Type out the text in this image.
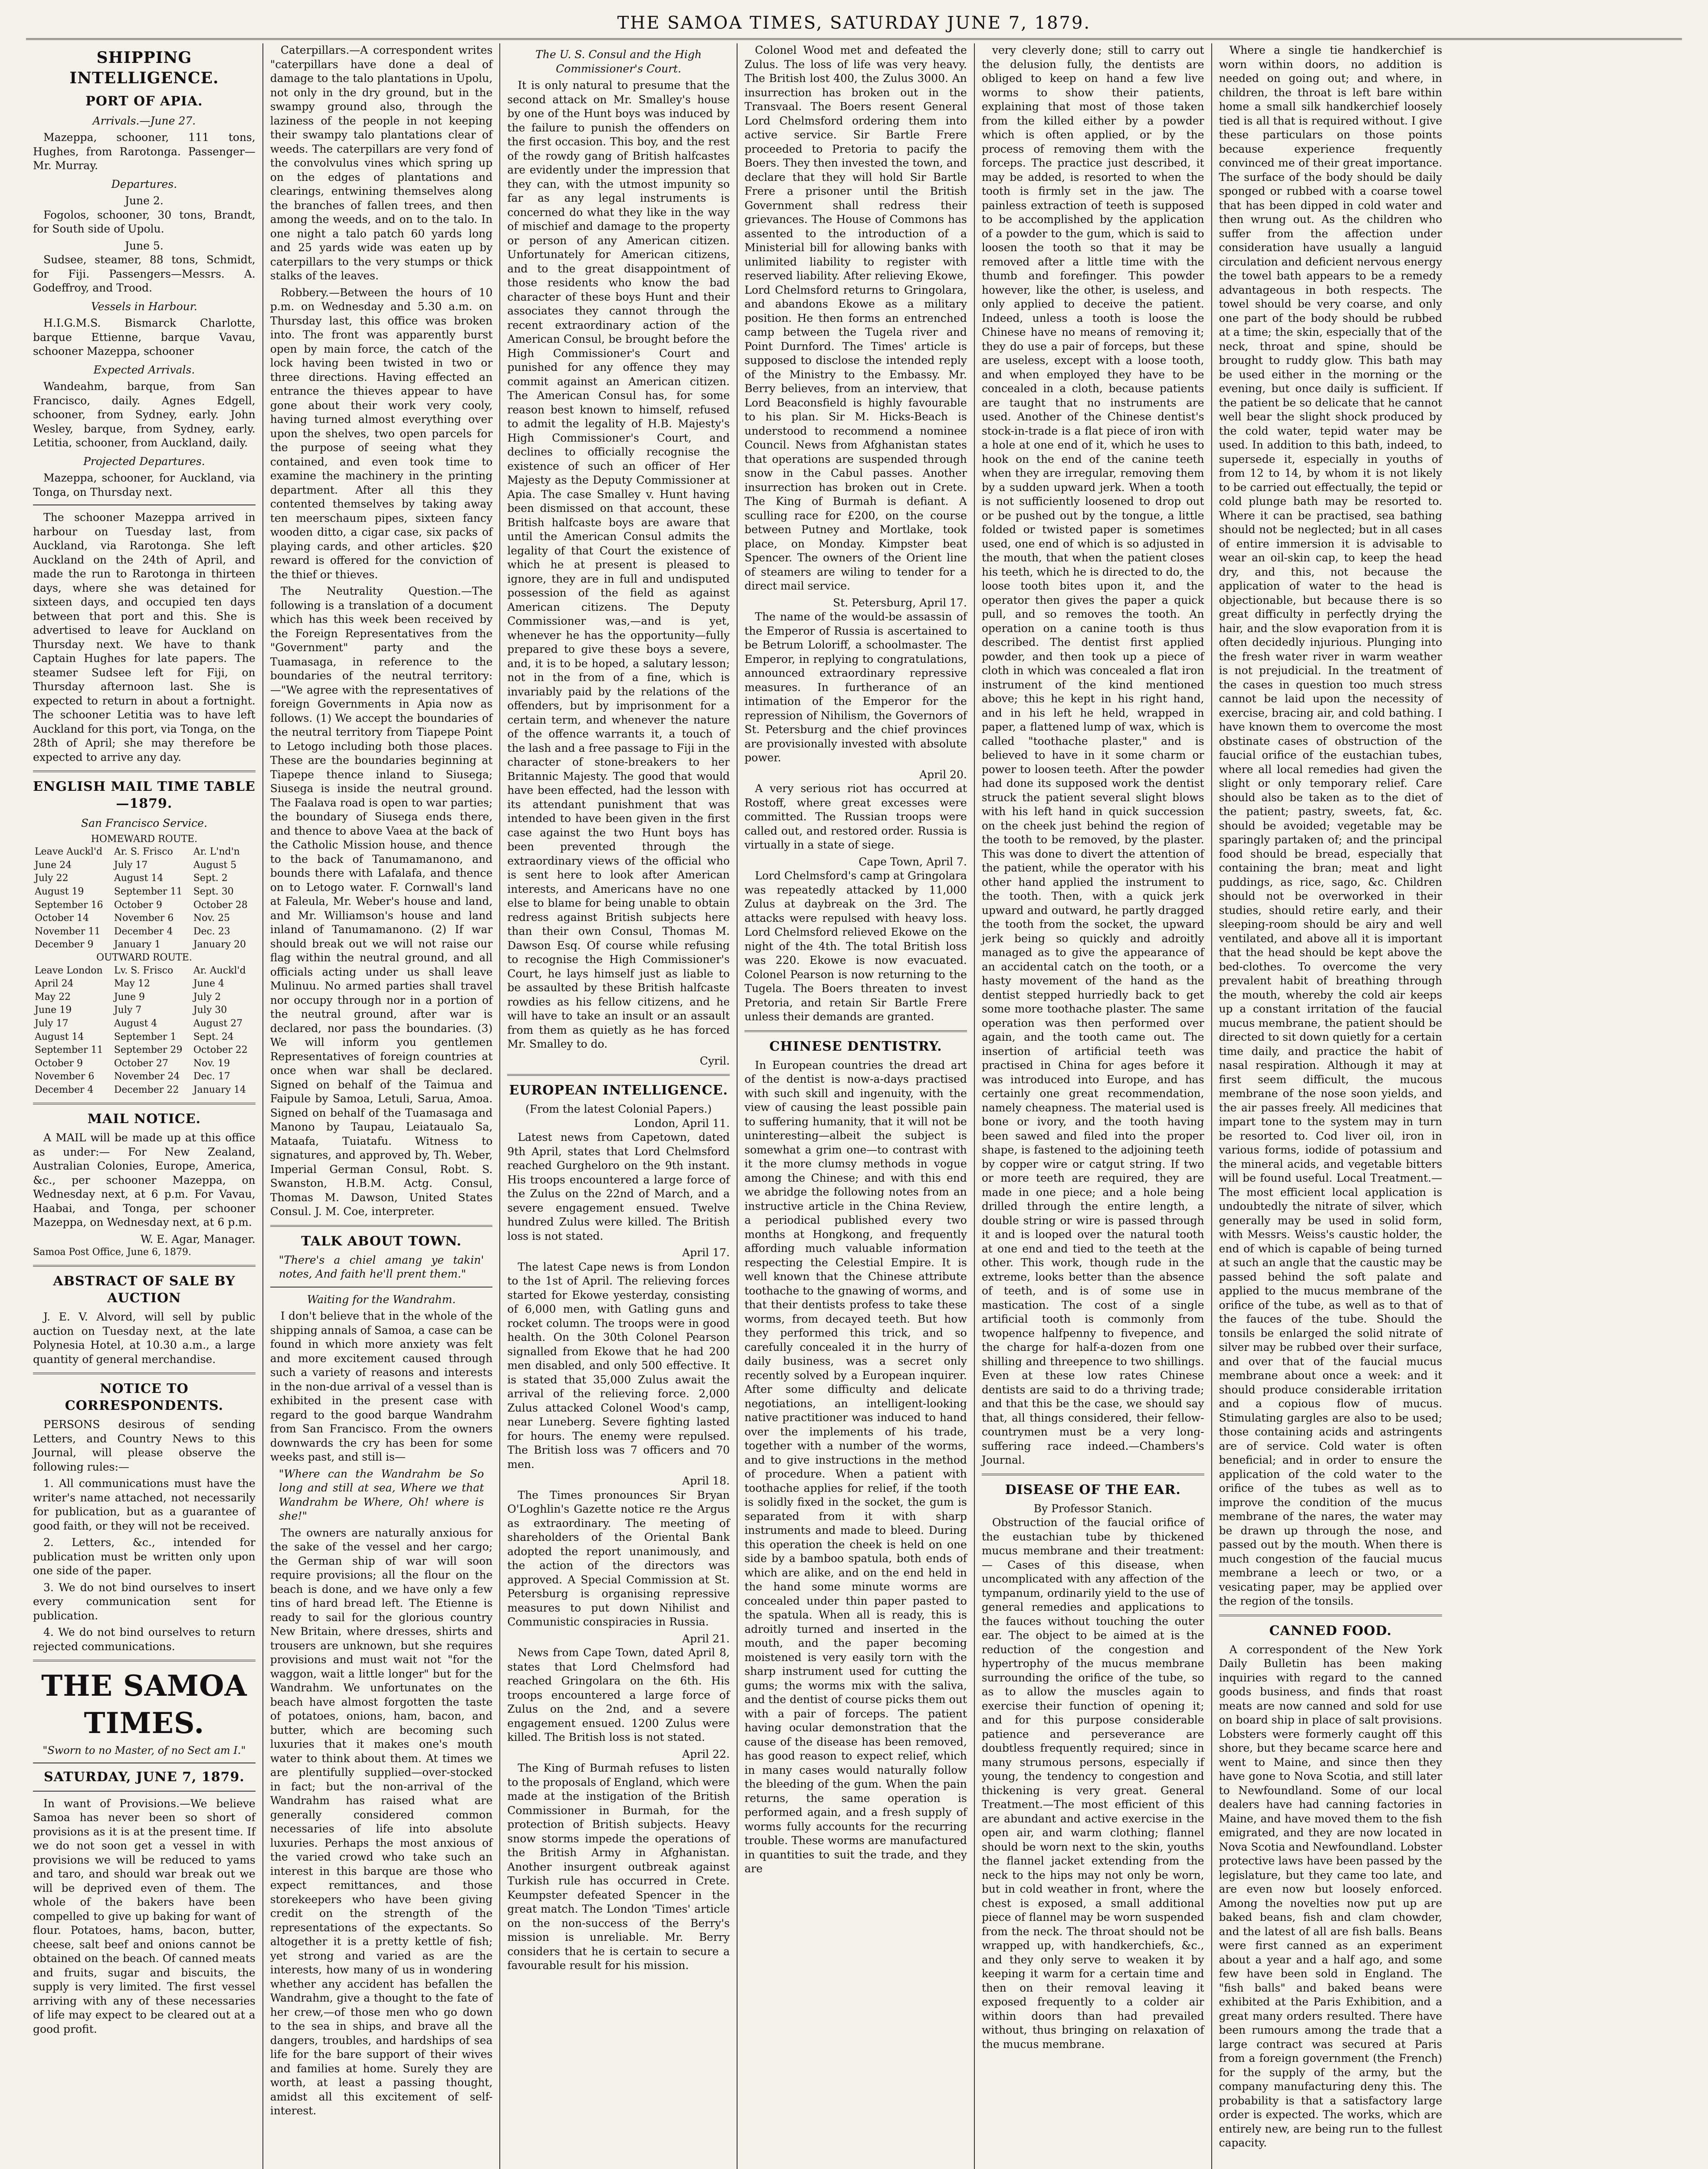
THE SAMOA TIMES, SATURDAY JUNE 7, 1879.
SHIPPING INTELLIGENCE.
PORT OF APIA.
Arrivals.—June 27.

Mazeppa, schooner, 111 tons, Hughes, from Rarotonga. Passenger—Mr. Murray.

Departures.
June 2.

Fogolos, schooner, 30 tons, Brandt, for South side of Upolu.

June 5.

Sudsee, steamer, 88 tons, Schmidt, for Fiji. Passengers—Messrs. A. Godeffroy, and Trood.

Vessels in Harbour.

H.I.G.M.S. Bismarck Charlotte, barque Ettienne, barque Vavau, schooner Mazeppa, schooner

Expected Arrivals.

Wandeahm, barque, from San Francisco, daily. Agnes Edgell, schooner, from Sydney, early. John Wesley, barque, from Sydney, early. Letitia, schooner, from Auckland, daily.

Projected Departures.

Mazeppa, schooner, for Auckland, via Tonga, on Thursday next.

The schooner Mazeppa arrived in harbour on Tuesday last, from Auckland, via Rarotonga. She left Auckland on the 24th of April, and made the run to Rarotonga in thirteen days, where she was detained for sixteen days, and occupied ten days between that port and this. She is advertised to leave for Auckland on Thursday next. We have to thank Captain Hughes for late papers. The steamer Sudsee left for Fiji, on Thursday afternoon last. She is expected to return in about a fortnight. The schooner Letitia was to have left Auckland for this port, via Tonga, on the 28th of April; she may therefore be expected to arrive any day.

ENGLISH MAIL TIME TABLE—1879.
San Francisco Service.
HOMEWARD ROUTE.
Leave Auckl'd	Ar. S. Frisco	Ar. L'nd'n
June 24	July 17	August 5
July 22	August 14	Sept. 2
August 19	September 11	Sept. 30
September 16	October 9	October 28
October 14	November 6	Nov. 25
November 11	December 4	Dec. 23
December 9	January 1	January 20
OUTWARD ROUTE.
Leave London	Lv. S. Frisco	Ar. Auckl'd
April 24	May 12	June 4
May 22	June 9	July 2
June 19	July 7	July 30
July 17	August 4	August 27
August 14	September 1	Sept. 24
September 11	September 29	October 22
October 9	October 27	Nov. 19
November 6	November 24	Dec. 17
December 4	December 22	January 14
MAIL NOTICE.

A MAIL will be made up at this office as under:— For New Zealand, Australian Colonies, Europe, America, &c., per schooner Mazeppa, on Wednesday next, at 6 p.m. For Vavau, Haabai, and Tonga, per schooner Mazeppa, on Wednesday next, at 6 p.m.

W. E. Agar, Manager.
Samoa Post Office, June 6, 1879.
ABSTRACT OF SALE BY AUCTION

J. E. V. Alvord, will sell by public auction on Tuesday next, at the late Polynesia Hotel, at 10.30 a.m., a large quantity of general merchandise.

NOTICE TO CORRESPONDENTS.

PERSONS desirous of sending Letters, and Country News to this Journal, will please observe the following rules:—

1. All communications must have the writer's name attached, not necessarily for publication, but as a guarantee of good faith, or they will not be received.

2. Letters, &c., intended for publication must be written only upon one side of the paper.

3. We do not bind ourselves to insert every communication sent for publication.

4. We do not bind ourselves to return rejected communications.

THE SAMOA TIMES.
"Sworn to no Master, of no Sect am I."
SATURDAY, JUNE 7, 1879.

In want of Provisions.—We believe Samoa has never been so short of provisions as it is at the present time. If we do not soon get a vessel in with provisions we will be reduced to yams and taro, and should war break out we will be deprived even of them. The whole of the bakers have been compelled to give up baking for want of flour. Potatoes, hams, bacon, butter, cheese, salt beef and onions cannot be obtained on the beach. Of canned meats and fruits, sugar and biscuits, the supply is very limited. The first vessel arriving with any of these necessaries of life may expect to be cleared out at a good profit.

Caterpillars.—A correspondent writes "caterpillars have done a deal of damage to the talo plantations in Upolu, not only in the dry ground, but in the swampy ground also, through the laziness of the people in not keeping their swampy talo plantations clear of weeds. The caterpillars are very fond of the convolvulus vines which spring up on the edges of plantations and clearings, entwining themselves along the branches of fallen trees, and then among the weeds, and on to the talo. In one night a talo patch 60 yards long and 25 yards wide was eaten up by caterpillars to the very stumps or thick stalks of the leaves.

Robbery.—Between the hours of 10 p.m. on Wednesday and 5.30 a.m. on Thursday last, this office was broken into. The front was apparently burst open by main force, the catch of the lock having been twisted in two or three directions. Having effected an entrance the thieves appear to have gone about their work very cooly, having turned almost everything over upon the shelves, two open parcels for the purpose of seeing what they contained, and even took time to examine the machinery in the printing department. After all this they contented themselves by taking away ten meerschaum pipes, sixteen fancy wooden ditto, a cigar case, six packs of playing cards, and other articles. $20 reward is offered for the conviction of the thief or thieves.

The Neutrality Question.—The following is a translation of a document which has this week been received by the Foreign Representatives from the "Government" party and the Tuamasaga, in reference to the boundaries of the neutral territory:—"We agree with the representatives of foreign Governments in Apia now as follows. (1) We accept the boundaries of the neutral territory from Tiapepe Point to Letogo including both those places. These are the boundaries beginning at Tiapepe thence inland to Siusega; Siusega is inside the neutral ground. The Faalava road is open to war parties; the boundary of Siusega ends there, and thence to above Vaea at the back of the Catholic Mission house, and thence to the back of Tanumamanono, and bounds there with Lafalafa, and thence on to Letogo water. F. Cornwall's land at Faleula, Mr. Weber's house and land, and Mr. Williamson's house and land inland of Tanumamanono. (2) If war should break out we will not raise our flag within the neutral ground, and all officials acting under us shall leave Mulinuu. No armed parties shall travel nor occupy through nor in a portion of the neutral ground, after war is declared, nor pass the boundaries. (3) We will inform you gentlemen Representatives of foreign countries at once when war shall be declared. Signed on behalf of the Taimua and Faipule by Samoa, Letuli, Sarua, Amoa. Signed on behalf of the Tuamasaga and Manono by Taupau, Leiataualo Sa, Mataafa, Tuiatafu. Witness to signatures, and approved by, Th. Weber, Imperial German Consul, Robt. S. Swanston, H.B.M. Actg. Consul, Thomas M. Dawson, United States Consul. J. M. Coe, interpreter.

TALK ABOUT TOWN.
"There's a chiel amang ye takin' notes, And faith he'll prent them."
Waiting for the Wandrahm.

I don't believe that in the whole of the shipping annals of Samoa, a case can be found in which more anxiety was felt and more excitement caused through such a variety of reasons and interests in the non-due arrival of a vessel than is exhibited in the present case with regard to the good barque Wandrahm from San Francisco. From the owners downwards the cry has been for some weeks past, and still is—

"Where can the Wandrahm be So long and still at sea, Where we that Wandrahm be Where, Oh! where is she!"

The owners are naturally anxious for the sake of the vessel and her cargo; the German ship of war will soon require provisions; all the flour on the beach is done, and we have only a few tins of hard bread left. The Etienne is ready to sail for the glorious country New Britain, where dresses, shirts and trousers are unknown, but she requires provisions and must wait not "for the waggon, wait a little longer" but for the Wandrahm. We unfortunates on the beach have almost forgotten the taste of potatoes, onions, ham, bacon, and butter, which are becoming such luxuries that it makes one's mouth water to think about them. At times we are plentifully supplied—over-stocked in fact; but the non-arrival of the Wandrahm has raised what are generally considered common necessaries of life into absolute luxuries. Perhaps the most anxious of the varied crowd who take such an interest in this barque are those who expect remittances, and those storekeepers who have been giving credit on the strength of the representations of the expectants. So altogether it is a pretty kettle of fish; yet strong and varied as are the interests, how many of us in wondering whether any accident has befallen the Wandrahm, give a thought to the fate of her crew,—of those men who go down to the sea in ships, and brave all the dangers, troubles, and hardships of sea life for the bare support of their wives and families at home. Surely they are worth, at least a passing thought, amidst all this excitement of self-interest.

The U. S. Consul and the High Commissioner's Court.

It is only natural to presume that the second attack on Mr. Smalley's house by one of the Hunt boys was induced by the failure to punish the offenders on the first occasion. This boy, and the rest of the rowdy gang of British halfcastes are evidently under the impression that they can, with the utmost impunity so far as any legal instruments is concerned do what they like in the way of mischief and damage to the property or person of any American citizen. Unfortunately for American citizens, and to the great disappointment of those residents who know the bad character of these boys Hunt and their associates they cannot through the recent extraordinary action of the American Consul, be brought before the High Commissioner's Court and punished for any offence they may commit against an American citizen. The American Consul has, for some reason best known to himself, refused to admit the legality of H.B. Majesty's High Commissioner's Court, and declines to officially recognise the existence of such an officer of Her Majesty as the Deputy Commissioner at Apia. The case Smalley v. Hunt having been dismissed on that account, these British halfcaste boys are aware that until the American Consul admits the legality of that Court the existence of which he at present is pleased to ignore, they are in full and undisputed possession of the field as against American citizens. The Deputy Commissioner was,—and is yet, whenever he has the opportunity—fully prepared to give these boys a severe, and, it is to be hoped, a salutary lesson; not in the from of a fine, which is invariably paid by the relations of the offenders, but by imprisonment for a certain term, and whenever the nature of the offence warrants it, a touch of the lash and a free passage to Fiji in the character of stone-breakers to her Britannic Majesty. The good that would have been effected, had the lesson with its attendant punishment that was intended to have been given in the first case against the two Hunt boys has been prevented through the extraordinary views of the official who is sent here to look after American interests, and Americans have no one else to blame for being unable to obtain redress against British subjects here than their own Consul, Thomas M. Dawson Esq. Of course while refusing to recognise the High Commissioner's Court, he lays himself just as liable to be assaulted by these British halfcaste rowdies as his fellow citizens, and he will have to take an insult or an assault from them as quietly as he has forced Mr. Smalley to do.

Cyril.
EUROPEAN INTELLIGENCE.
(From the latest Colonial Papers.)
London, April 11.

Latest news from Capetown, dated 9th April, states that Lord Chelmsford reached Gurgheloro on the 9th instant. His troops encountered a large force of the Zulus on the 22nd of March, and a severe engagement ensued. Twelve hundred Zulus were killed. The British loss is not stated.

April 17.

The latest Cape news is from London to the 1st of April. The relieving forces started for Ekowe yesterday, consisting of 6,000 men, with Gatling guns and rocket column. The troops were in good health. On the 30th Colonel Pearson signalled from Ekowe that he had 200 men disabled, and only 500 effective. It is stated that 35,000 Zulus await the arrival of the relieving force. 2,000 Zulus attacked Colonel Wood's camp, near Luneberg. Severe fighting lasted for hours. The enemy were repulsed. The British loss was 7 officers and 70 men.

April 18.

The Times pronounces Sir Bryan O'Loghlin's Gazette notice re the Argus as extraordinary. The meeting of shareholders of the Oriental Bank adopted the report unanimously, and the action of the directors was approved. A Special Commission at St. Petersburg is organising repressive measures to put down Nihilist and Communistic conspiracies in Russia.

April 21.

News from Cape Town, dated April 8, states that Lord Chelmsford had reached Gringolara on the 6th. His troops encountered a large force of Zulus on the 2nd, and a severe engagement ensued. 1200 Zulus were killed. The British loss is not stated.

April 22.

The King of Burmah refuses to listen to the proposals of England, which were made at the instigation of the British Commissioner in Burmah, for the protection of British subjects. Heavy snow storms impede the operations of the British Army in Afghanistan. Another insurgent outbreak against Turkish rule has occurred in Crete. Keumpster defeated Spencer in the great match. The London 'Times' article on the non-success of the Berry's mission is unreliable. Mr. Berry considers that he is certain to secure a favourable result for his mission.

Colonel Wood met and defeated the Zulus. The loss of life was very heavy. The British lost 400, the Zulus 3000. An insurrection has broken out in the Transvaal. The Boers resent General Lord Chelmsford ordering them into active service. Sir Bartle Frere proceeded to Pretoria to pacify the Boers. They then invested the town, and declare that they will hold Sir Bartle Frere a prisoner until the British Government shall redress their grievances. The House of Commons has assented to the introduction of a Ministerial bill for allowing banks with unlimited liability to register with reserved liability. After relieving Ekowe, Lord Chelmsford returns to Gringolara, and abandons Ekowe as a military position. He then forms an entrenched camp between the Tugela river and Point Durnford. The Times' article is supposed to disclose the intended reply of the Ministry to the Embassy. Mr. Berry believes, from an interview, that Lord Beaconsfield is highly favourable to his plan. Sir M. Hicks-Beach is understood to recommend a nominee Council. News from Afghanistan states that operations are suspended through snow in the Cabul passes. Another insurrection has broken out in Crete. The King of Burmah is defiant. A sculling race for £200, on the course between Putney and Mortlake, took place, on Monday. Kimpster beat Spencer. The owners of the Orient line of steamers are wiling to tender for a direct mail service.

St. Petersburg, April 17.

The name of the would-be assassin of the Emperor of Russia is ascertained to be Betrum Loloriff, a schoolmaster. The Emperor, in replying to congratulations, announced extraordinary repressive measures. In furtherance of an intimation of the Emperor for the repression of Nihilism, the Governors of St. Petersburg and the chief provinces are provisionally invested with absolute power.

April 20.

A very serious riot has occurred at Rostoff, where great excesses were committed. The Russian troops were called out, and restored order. Russia is virtually in a state of siege.

Cape Town, April 7.

Lord Chelmsford's camp at Gringolara was repeatedly attacked by 11,000 Zulus at daybreak on the 3rd. The attacks were repulsed with heavy loss. Lord Chelmsford relieved Ekowe on the night of the 4th. The total British loss was 220. Ekowe is now evacuated. Colonel Pearson is now returning to the Tugela. The Boers threaten to invest Pretoria, and retain Sir Bartle Frere unless their demands are granted.

CHINESE DENTISTRY.

In European countries the dread art of the dentist is now-a-days practised with such skill and ingenuity, with the view of causing the least possible pain to suffering humanity, that it will not be uninteresting—albeit the subject is somewhat a grim one—to contrast with it the more clumsy methods in vogue among the Chinese; and with this end we abridge the following notes from an instructive article in the China Review, a periodical published every two months at Hongkong, and frequently affording much valuable information respecting the Celestial Empire. It is well known that the Chinese attribute toothache to the gnawing of worms, and that their dentists profess to take these worms, from decayed teeth. But how they performed this trick, and so carefully concealed it in the hurry of daily business, was a secret only recently solved by a European inquirer. After some difficulty and delicate negotiations, an intelligent-looking native practitioner was induced to hand over the implements of his trade, together with a number of the worms, and to give instructions in the method of procedure. When a patient with toothache applies for relief, if the tooth is solidly fixed in the socket, the gum is separated from it with sharp instruments and made to bleed. During this operation the cheek is held on one side by a bamboo spatula, both ends of which are alike, and on the end held in the hand some minute worms are concealed under thin paper pasted to the spatula. When all is ready, this is adroitly turned and inserted in the mouth, and the paper becoming moistened is very easily torn with the sharp instrument used for cutting the gums; the worms mix with the saliva, and the dentist of course picks them out with a pair of forceps. The patient having ocular demonstration that the cause of the disease has been removed, has good reason to expect relief, which in many cases would naturally follow the bleeding of the gum. When the pain returns, the same operation is performed again, and a fresh supply of worms fully accounts for the recurring trouble. These worms are manufactured in quantities to suit the trade, and they are

very cleverly done; still to carry out the delusion fully, the dentists are obliged to keep on hand a few live worms to show their patients, explaining that most of those taken from the killed either by a powder which is often applied, or by the process of removing them with the forceps. The practice just described, it may be added, is resorted to when the tooth is firmly set in the jaw. The painless extraction of teeth is supposed to be accomplished by the application of a powder to the gum, which is said to loosen the tooth so that it may be removed after a little time with the thumb and forefinger. This powder however, like the other, is useless, and only applied to deceive the patient. Indeed, unless a tooth is loose the Chinese have no means of removing it; they do use a pair of forceps, but these are useless, except with a loose tooth, and when employed they have to be concealed in a cloth, because patients are taught that no instruments are used. Another of the Chinese dentist's stock-in-trade is a flat piece of iron with a hole at one end of it, which he uses to hook on the end of the canine teeth when they are irregular, removing them by a sudden upward jerk. When a tooth is not sufficiently loosened to drop out or be pushed out by the tongue, a little folded or twisted paper is sometimes used, one end of which is so adjusted in the mouth, that when the patient closes his teeth, which he is directed to do, the loose tooth bites upon it, and the operator then gives the paper a quick pull, and so removes the tooth. An operation on a canine tooth is thus described. The dentist first applied powder, and then took up a piece of cloth in which was concealed a flat iron instrument of the kind mentioned above; this he kept in his right hand, and in his left he held, wrapped in paper, a flattened lump of wax, which is called "toothache plaster," and is believed to have in it some charm or power to loosen teeth. After the powder had done its supposed work the dentist struck the patient several slight blows with his left hand in quick succession on the cheek just behind the region of the tooth to be removed, by the plaster. This was done to divert the attention of the patient, while the operator with his other hand applied the instrument to the tooth. Then, with a quick jerk upward and outward, he partly dragged the tooth from the socket, the upward jerk being so quickly and adroitly managed as to give the appearance of an accidental catch on the tooth, or a hasty movement of the hand as the dentist stepped hurriedly back to get some more toothache plaster. The same operation was then performed over again, and the tooth came out. The insertion of artificial teeth was practised in China for ages before it was introduced into Europe, and has certainly one great recommendation, namely cheapness. The material used is bone or ivory, and the tooth having been sawed and filed into the proper shape, is fastened to the adjoining teeth by copper wire or catgut string. If two or more teeth are required, they are made in one piece; and a hole being drilled through the entire length, a double string or wire is passed through it and is looped over the natural tooth at one end and tied to the teeth at the other. This work, though rude in the extreme, looks better than the absence of teeth, and is of some use in mastication. The cost of a single artificial tooth is commonly from twopence halfpenny to fivepence, and the charge for half-a-dozen from one shilling and threepence to two shillings. Even at these low rates Chinese dentists are said to do a thriving trade; and that this be the case, we should say that, all things considered, their fellow-countrymen must be a very long-suffering race indeed.—Chambers's Journal.

DISEASE OF THE EAR.
By Professor Stanich.

Obstruction of the faucial orifice of the eustachian tube by thickened mucus membrane and their treatment:— Cases of this disease, when uncomplicated with any affection of the tympanum, ordinarily yield to the use of general remedies and applications to the fauces without touching the outer ear. The object to be aimed at is the reduction of the congestion and hypertrophy of the mucus membrane surrounding the orifice of the tube, so as to allow the muscles again to exercise their function of opening it; and for this purpose considerable patience and perseverance are doubtless frequently required; since in many strumous persons, especially if young, the tendency to congestion and thickening is very great. General Treatment.—The most efficient of this are abundant and active exercise in the open air, and warm clothing; flannel should be worn next to the skin, youths the flannel jacket extending from the neck to the hips may not only be worn, but in cold weather in front, where the chest is exposed, a small additional piece of flannel may be worn suspended from the neck. The throat should not be wrapped up, with handkerchiefs, &c., and they only serve to weaken it by keeping it warm for a certain time and then on their removal leaving it exposed frequently to a colder air within doors than had prevailed without, thus bringing on relaxation of the mucus membrane.

Where a single tie handkerchief is worn within doors, no addition is needed on going out; and where, in children, the throat is left bare within home a small silk handkerchief loosely tied is all that is required without. I give these particulars on those points because experience frequently convinced me of their great importance. The surface of the body should be daily sponged or rubbed with a coarse towel that has been dipped in cold water and then wrung out. As the children who suffer from the affection under consideration have usually a languid circulation and deficient nervous energy the towel bath appears to be a remedy advantageous in both respects. The towel should be very coarse, and only one part of the body should be rubbed at a time; the skin, especially that of the neck, throat and spine, should be brought to ruddy glow. This bath may be used either in the morning or the evening, but once daily is sufficient. If the patient be so delicate that he cannot well bear the slight shock produced by the cold water, tepid water may be used. In addition to this bath, indeed, to supersede it, especially in youths of from 12 to 14, by whom it is not likely to be carried out effectually, the tepid or cold plunge bath may be resorted to. Where it can be practised, sea bathing should not be neglected; but in all cases of entire immersion it is advisable to wear an oil-skin cap, to keep the head dry, and this, not because the application of water to the head is objectionable, but because there is so great difficulty in perfectly drying the hair, and the slow evaporation from it is often decidedly injurious. Plunging into the fresh water river in warm weather is not prejudicial. In the treatment of the cases in question too much stress cannot be laid upon the necessity of exercise, bracing air, and cold bathing. I have known them to overcome the most obstinate cases of obstruction of the faucial orifice of the eustachian tubes, where all local remedies had given the slight or only temporary relief. Care should also be taken as to the diet of the patient; pastry, sweets, fat, &c. should be avoided; vegetable may be sparingly partaken of; and the principal food should be bread, especially that containing the bran; meat and light puddings, as rice, sago, &c. Children should not be overworked in their studies, should retire early, and their sleeping-room should be airy and well ventilated, and above all it is important that the head should be kept above the bed-clothes. To overcome the very prevalent habit of breathing through the mouth, whereby the cold air keeps up a constant irritation of the faucial mucus membrane, the patient should be directed to sit down quietly for a certain time daily, and practice the habit of nasal respiration. Although it may at first seem difficult, the mucous membrane of the nose soon yields, and the air passes freely. All medicines that impart tone to the system may in turn be resorted to. Cod liver oil, iron in various forms, iodide of potassium and the mineral acids, and vegetable bitters will be found useful. Local Treatment.—The most efficient local application is undoubtedly the nitrate of silver, which generally may be used in solid form, with Messrs. Weiss's caustic holder, the end of which is capable of being turned at such an angle that the caustic may be passed behind the soft palate and applied to the mucus membrane of the orifice of the tube, as well as to that of the fauces of the tube. Should the tonsils be enlarged the solid nitrate of silver may be rubbed over their surface, and over that of the faucial mucus membrane about once a week: and it should produce considerable irritation and a copious flow of mucus. Stimulating gargles are also to be used; those containing acids and astringents are of service. Cold water is often beneficial; and in order to ensure the application of the cold water to the orifice of the tubes as well as to improve the condition of the mucus membrane of the nares, the water may be drawn up through the nose, and passed out by the mouth. When there is much congestion of the faucial mucus membrane a leech or two, or a vesicating paper, may be applied over the region of the tonsils.

CANNED FOOD.

A correspondent of the New York Daily Bulletin has been making inquiries with regard to the canned goods business, and finds that roast meats are now canned and sold for use on board ship in place of salt provisions. Lobsters were formerly caught off this shore, but they became scarce here and went to Maine, and since then they have gone to Nova Scotia, and still later to Newfoundland. Some of our local dealers have had canning factories in Maine, and have moved them to the fish emigrated, and they are now located in Nova Scotia and Newfoundland. Lobster protective laws have been passed by the legislature, but they came too late, and are even now but loosely enforced. Among the novelties now put up are baked beans, fish and clam chowder, and the latest of all are fish balls. Beans were first canned as an experiment about a year and a half ago, and some few have been sold in England. The "fish balls" and baked beans were exhibited at the Paris Exhibition, and a great many orders resulted. There have been rumours among the trade that a large contract was secured at Paris from a foreign government (the French) for the supply of the army, but the company manufacturing deny this. The probability is that a satisfactory large order is expected. The works, which are entirely new, are being run to the fullest capacity.
